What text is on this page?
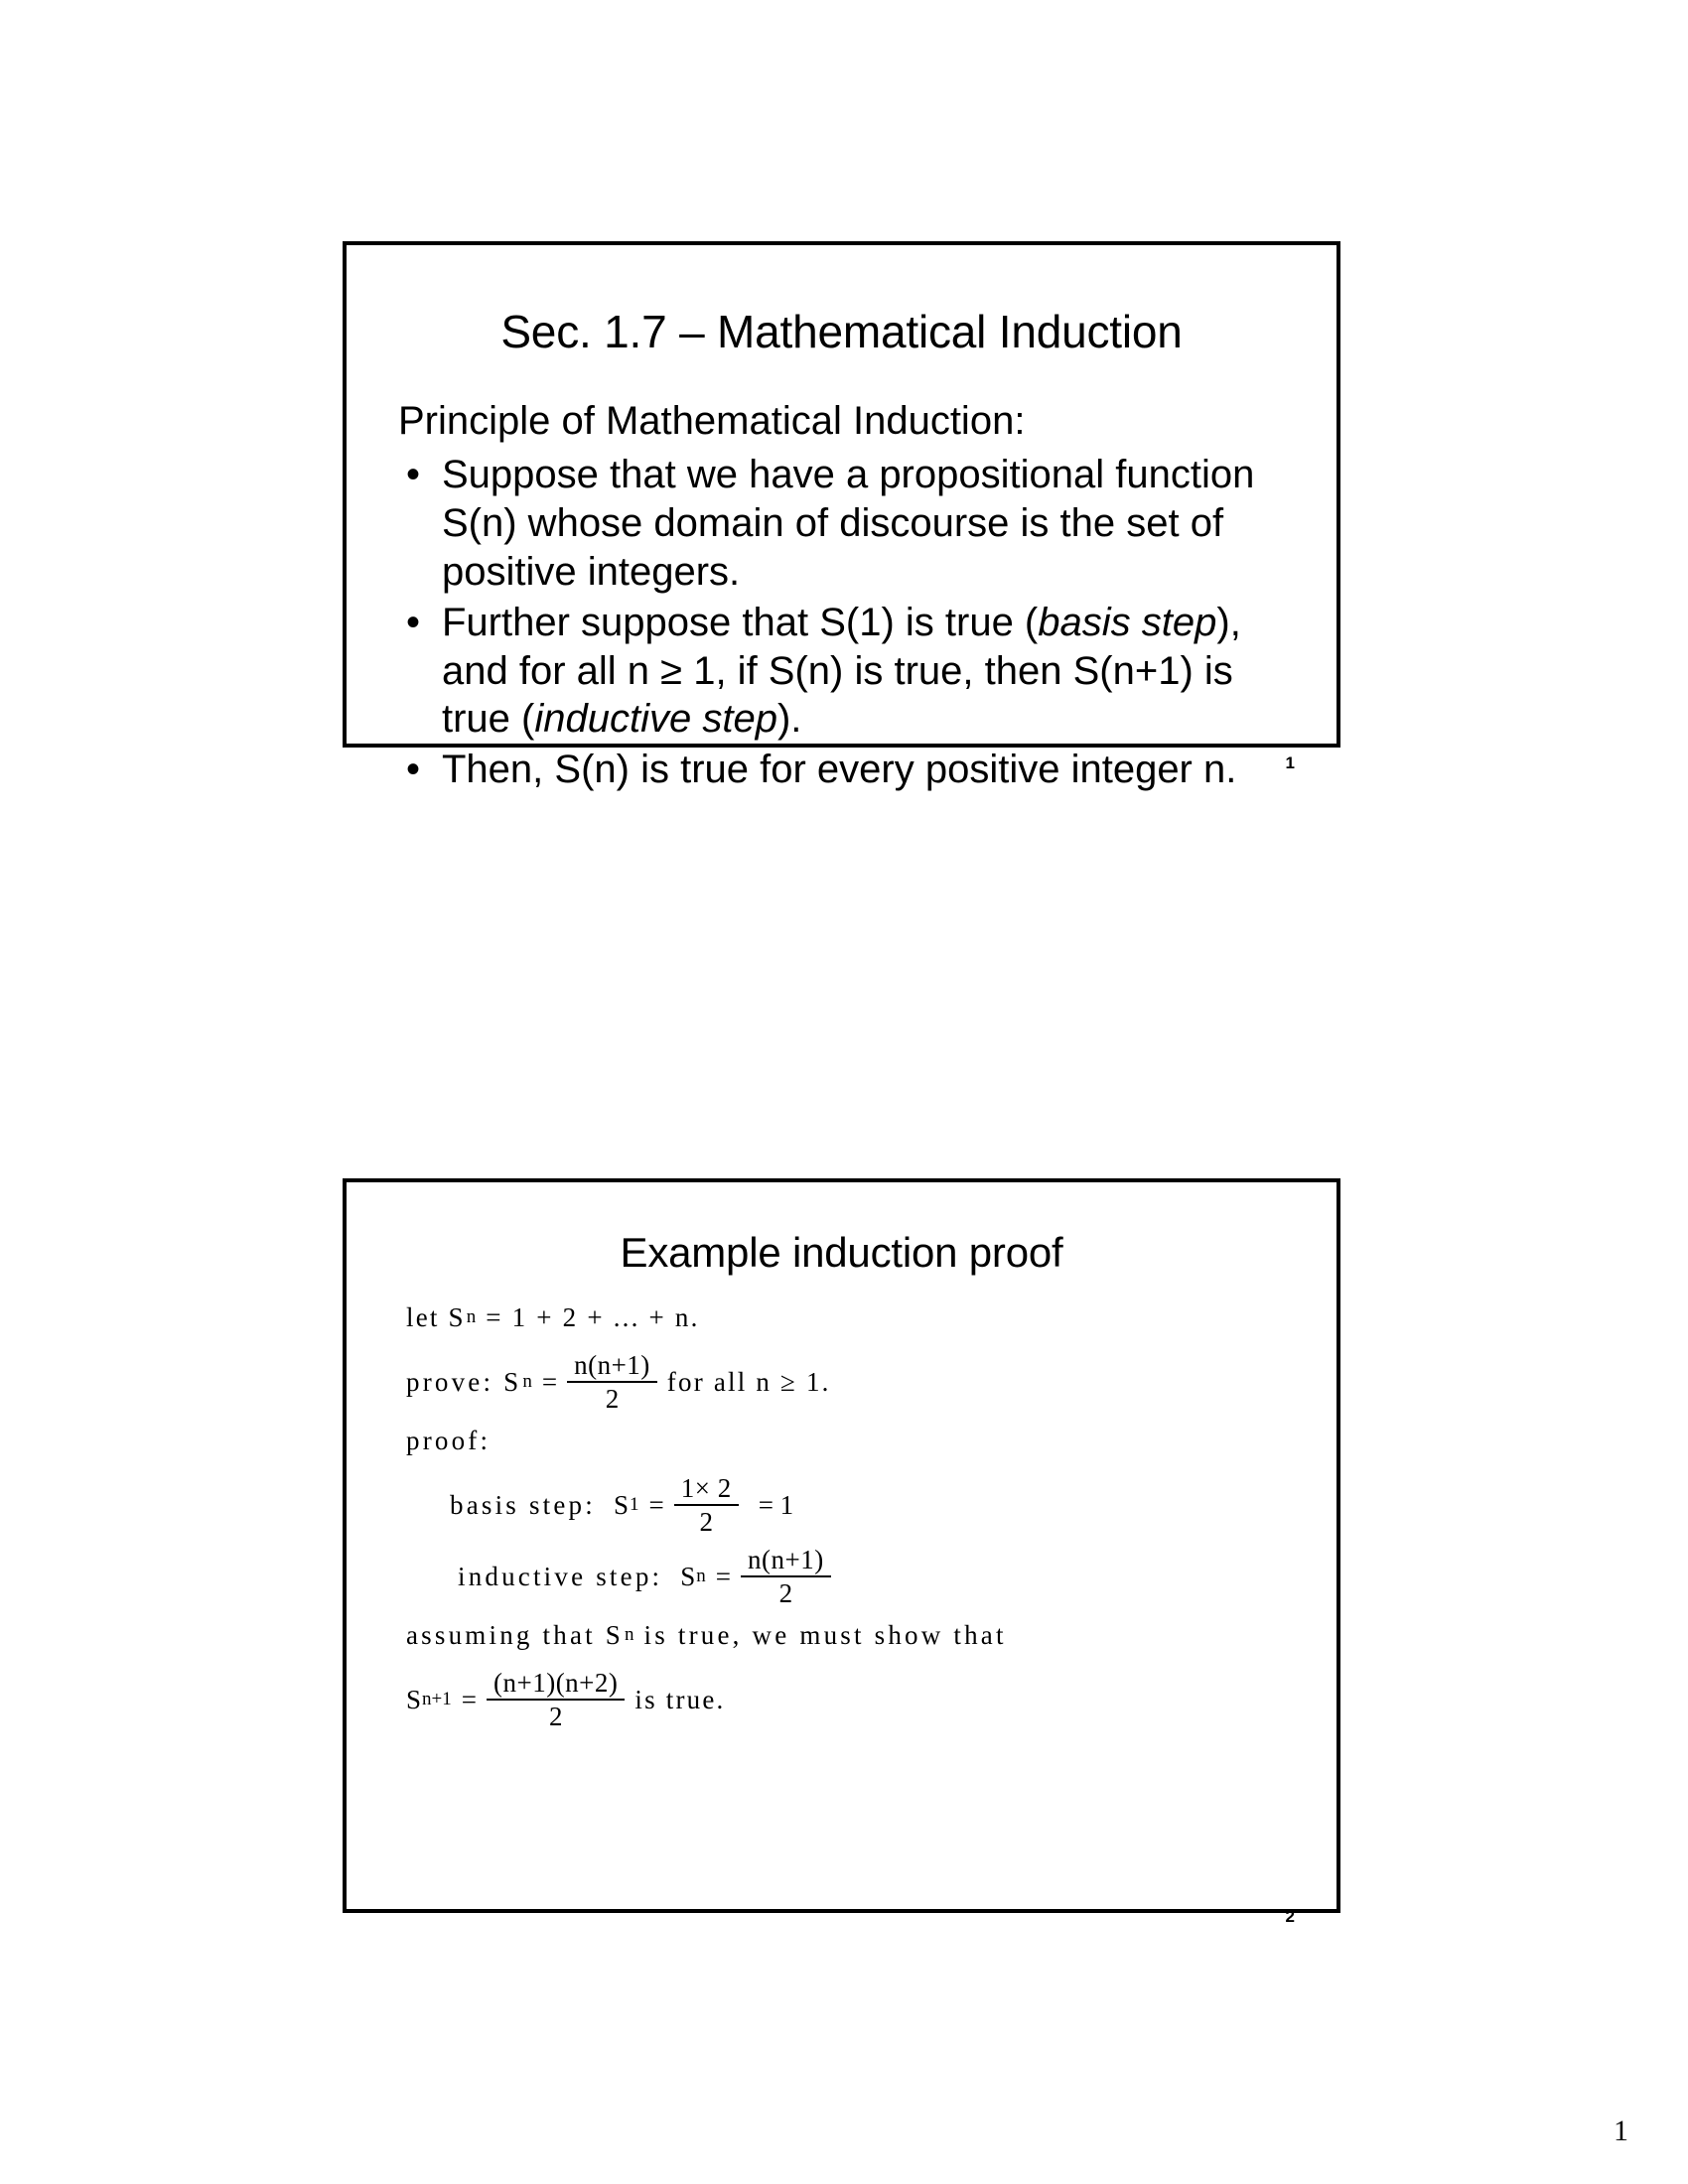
Sec. 1.7 – Mathematical Induction

Principle of Mathematical Induction:

• Suppose that we have a propositional function S(n) whose domain of discourse is the set of positive integers.
• Further suppose that S(1) is true (basis step), and for all n ≥ 1, if S(n) is true, then S(n+1) is true (inductive step).
• Then, S(n) is true for every positive integer n.	1
Example induction proof
let S n = 1 + 2 + ... + n.
prove: S $n = \frac{n(n+1)}{2}$ for all n ≥ 1.
proof:
basis step: S $1 = \frac{1\times 2}{2} = 1$
inductive step: S $n = \frac{n(n+1)}{2}$
assuming that S n is true, we must show that
S $n+1 = \frac{(n+1)(n+2)}{2}$ is true.
2
1
